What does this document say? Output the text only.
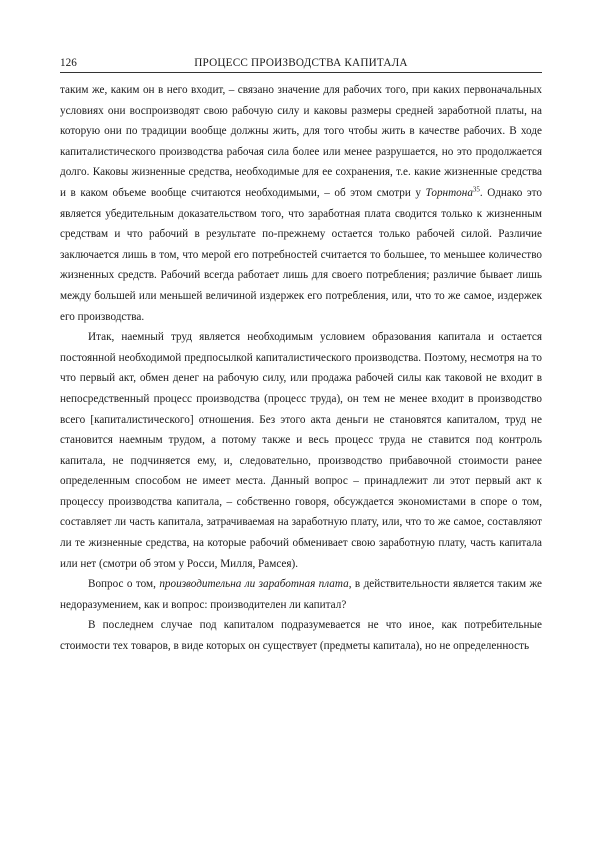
126	ПРОЦЕСС ПРОИЗВОДСТВА КАПИТАЛА

таким же, каким он в него входит, – связано значение для рабочих того, при каких первоначальных условиях они воспроизводят свою рабочую силу и каковы размеры средней заработной платы, на которую они по традиции вообще должны жить, для того чтобы жить в качестве рабочих. В ходе капиталистического производства рабочая сила более или менее разрушается, но это продолжается долго. Каковы жизненные средства, необходимые для ее сохранения, т.е. какие жизненные средства и в каком объеме вообще считаются необходимыми, – об этом смотри у Торнтона$^{35}$. Однако это является убедительным доказательством того, что заработная плата сводится только к жизненным средствам и что рабочий в результате по-прежнему остается только рабочей силой. Различие заключается лишь в том, что мерой его потребностей считается то большее, то меньшее количество жизненных средств. Рабочий всегда работает лишь для своего потребления; различие бывает лишь между большей или меньшей величиной издержек его потребления, или, что то же самое, издержек его производства.

Итак, наемный труд является необходимым условием образования капитала и остается постоянной необходимой предпосылкой капиталистического производства. Поэтому, несмотря на то что первый акт, обмен денег на рабочую силу, или продажа рабочей силы как таковой не входит в непосредственный процесс производства (процесс труда), он тем не менее входит в производство всего [капиталистического] отношения. Без этого акта деньги не становятся капиталом, труд не становится наемным трудом, а потому также и весь процесс труда не ставится под контроль капитала, не подчиняется ему, и, следовательно, производство прибавочной стоимости ранее определенным способом не имеет места. Данный вопрос – принадлежит ли этот первый акт к процессу производства капитала, – собственно говоря, обсуждается экономистами в споре о том, составляет ли часть капитала, затрачиваемая на заработную плату, или, что то же самое, составляют ли те жизненные средства, на которые рабочий обменивает свою заработную плату, часть капитала или нет (смотри об этом у Росси, Милля, Рамсея).

Вопрос о том, производительна ли заработная плата, в действительности является таким же недоразумением, как и вопрос: производителен ли капитал?

В последнем случае под капиталом подразумевается не что иное, как потребительные стоимости тех товаров, в виде которых он существует (предметы капитала), но не определенность
